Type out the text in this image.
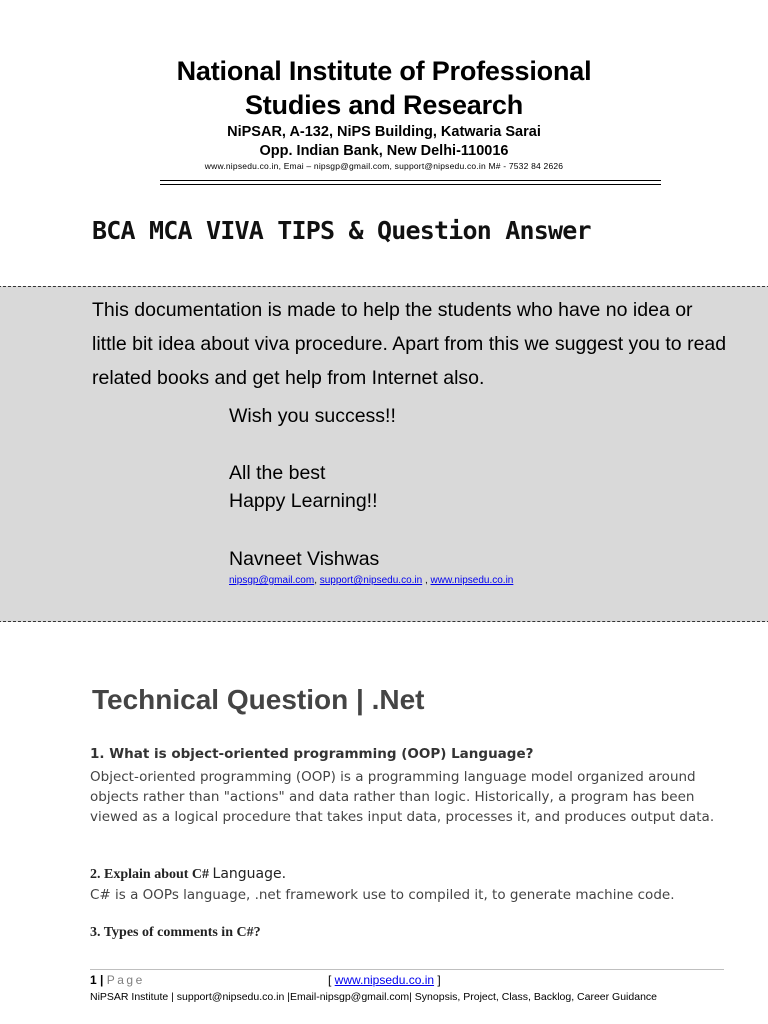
National Institute of Professional
Studies and Research
NiPSAR, A-132, NiPS Building, Katwaria Sarai
Opp. Indian Bank, New Delhi-110016
www.nipsedu.co.in, Emai – nipsgp@gmail.com, support@nipsedu.co.in M# - 7532 84 2626
BCA MCA VIVA TIPS & Question Answer
This documentation is made to help the students who have no idea or little bit idea about viva procedure. Apart from this we suggest you to read related books and get help from Internet also.
Wish you success!!
All the best
Happy Learning!!
Navneet Vishwas
nipsgp@gmail.com, support@nipsedu.co.in , www.nipsedu.co.in
Technical Question | .Net
1. What is object-oriented programming (OOP) Language?
Object-oriented programming (OOP) is a programming language model organized around objects rather than "actions" and data rather than logic. Historically, a program has been viewed as a logical procedure that takes input data, processes it, and produces output data.
2. Explain about C# Language.
C# is a OOPs language, .net framework use to compiled it, to generate machine code.
3. Types of comments in C#?
1 | Page	[ www.nipsedu.co.in ]
NiPSAR Institute | support@nipsedu.co.in |Email-nipsgp@gmail.com| Synopsis, Project, Class, Backlog, Career Guidance
